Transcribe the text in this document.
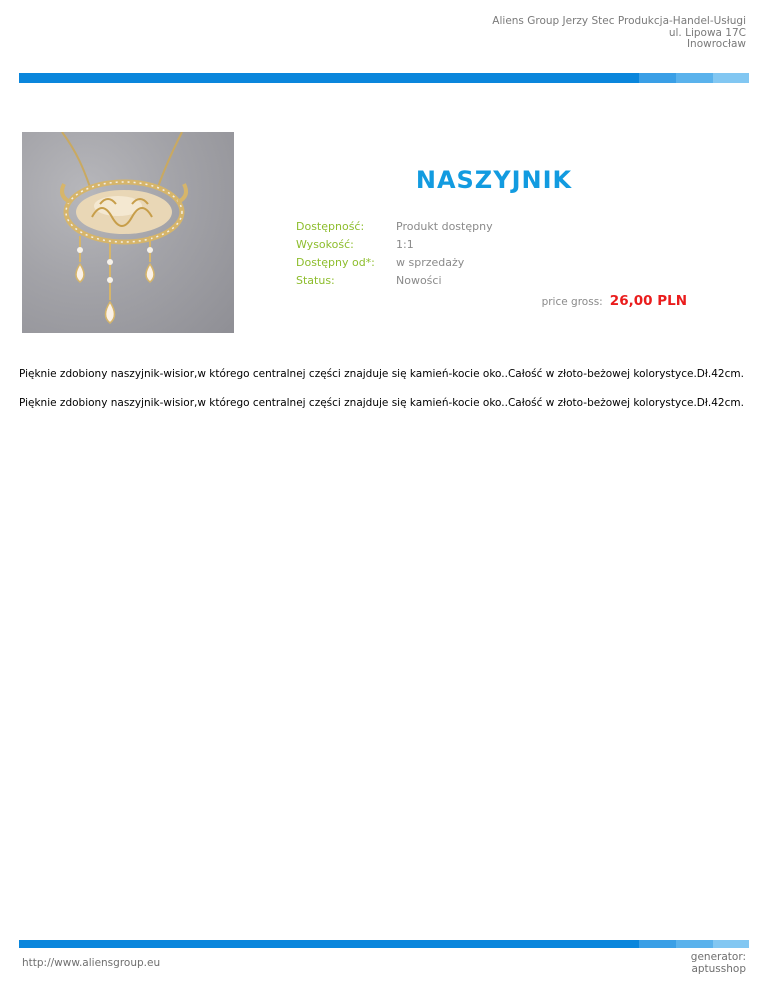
Aliens Group Jerzy Stec Produkcja-Handel-Usługi
ul. Lipowa 17C
Inowrocław
NASZYJNIK
Dostępność:	Produkt dostępny
Wysokość:	1:1
Dostępny od*: w sprzedaży
Status:	Nowości
price gross: 26,00 PLN
Pięknie zdobiony naszyjnik-wisior,w którego centralnej części znajduje się kamień-kocie oko..Całość w złoto-beżowej kolorystyce.Dł.42cm.
Pięknie zdobiony naszyjnik-wisior,w którego centralnej części znajduje się kamień-kocie oko..Całość w złoto-beżowej kolorystyce.Dł.42cm.
http://www.aliensgroup.eu	generator:
aptusshop
